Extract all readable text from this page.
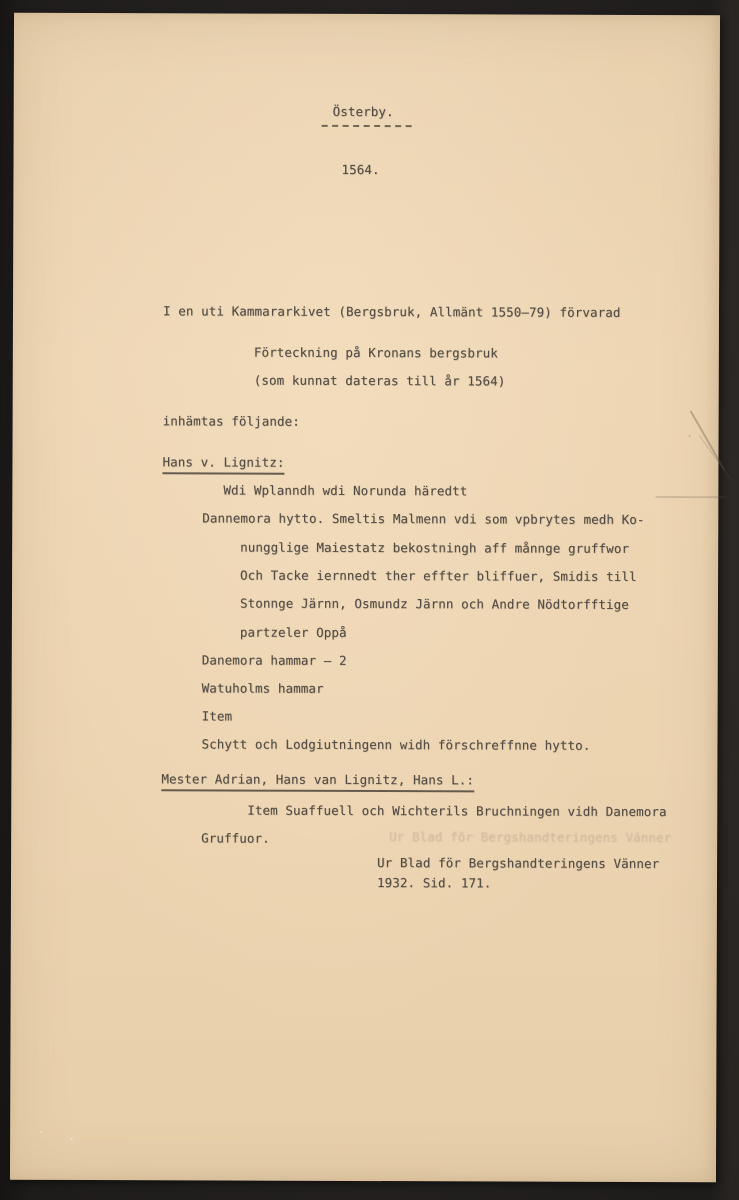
Österby.
1564.
I en uti Kammararkivet (Bergsbruk, Allmänt 1550–79) förvarad
Förteckning på Kronans bergsbruk
(som kunnat dateras till år 1564)
inhämtas följande:
Hans v. Lignitz:
Wdi Wplanndh wdi Norunda häredtt
Dannemora hytto. Smeltis Malmenn vdi som vpbrytes medh Ko-
nungglige Maiestatz bekostningh aff månnge gruffwor
Och Tacke iernnedt ther effter bliffuer, Smidis till
Stonnge Järnn, Osmundz Järnn och Andre Nödtorfftige
partzeler Oppå
Danemora hammar – 2
Watuholms hammar
Item
Schytt och Lodgiutningenn widh förschreffnne hytto.
Mester Adrian, Hans van Lignitz, Hans L.:
Item Suaffuell och Wichterils Bruchningen vidh Danemora
Gruffuor.	Ur Blad för Bergshandteringens Vänner
Ur Blad för Bergshandteringens Vänner
1932. Sid. 171.
